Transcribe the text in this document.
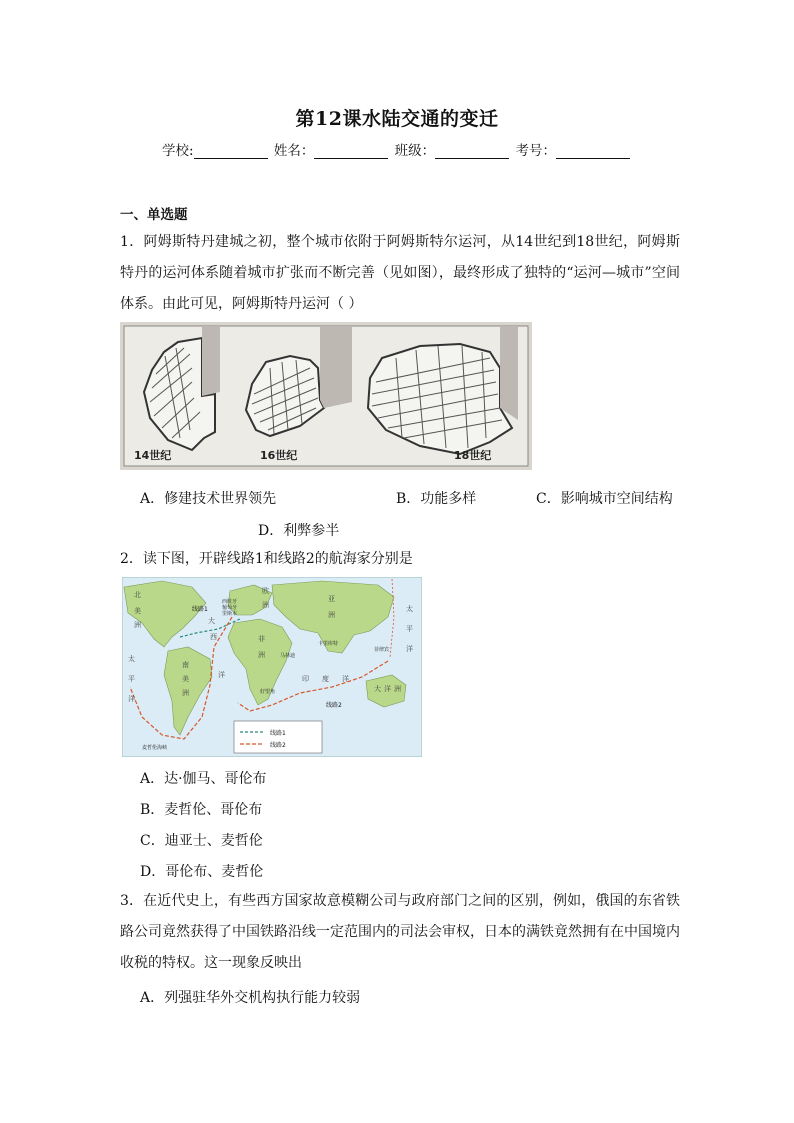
第12课水陆交通的变迁
学校:	姓名：	班级：	考号：
一、单选题
1．阿姆斯特丹建城之初，整个城市依附于阿姆斯特尔运河，从14世纪到18世纪，阿姆斯特丹的运河体系随着城市扩张而不断完善（见如图），最终形成了独特的“运河—城市”空间体系。由此可见，阿姆斯特丹运河（ ）
14世纪	16世纪	18世纪
A．修建技术世界领先	B．功能多样	C．影响城市空间结构
D．利弊参半
2．读下图，开辟线路1和线路2的航海家分别是
北
美
洲
南
美
洲
欧
洲
非
洲
亚
洲
大 洋 洲
大
西
洋	印 度 洋
太
平
洋
太
平
洋
西班牙
葡萄牙
里斯本
马林迪
好望角
卡里库特
麦哲伦海峡
菲律宾
线路1
线路2
线路1
线路2
A．达·伽马、哥伦布
B．麦哲伦、哥伦布
C．迪亚士、麦哲伦
D．哥伦布、麦哲伦
3．在近代史上，有些西方国家故意模糊公司与政府部门之间的区别，例如，俄国的东省铁路公司竟然获得了中国铁路沿线一定范围内的司法会审权，日本的满铁竟然拥有在中国境内收税的特权。这一现象反映出
A．列强驻华外交机构执行能力较弱
